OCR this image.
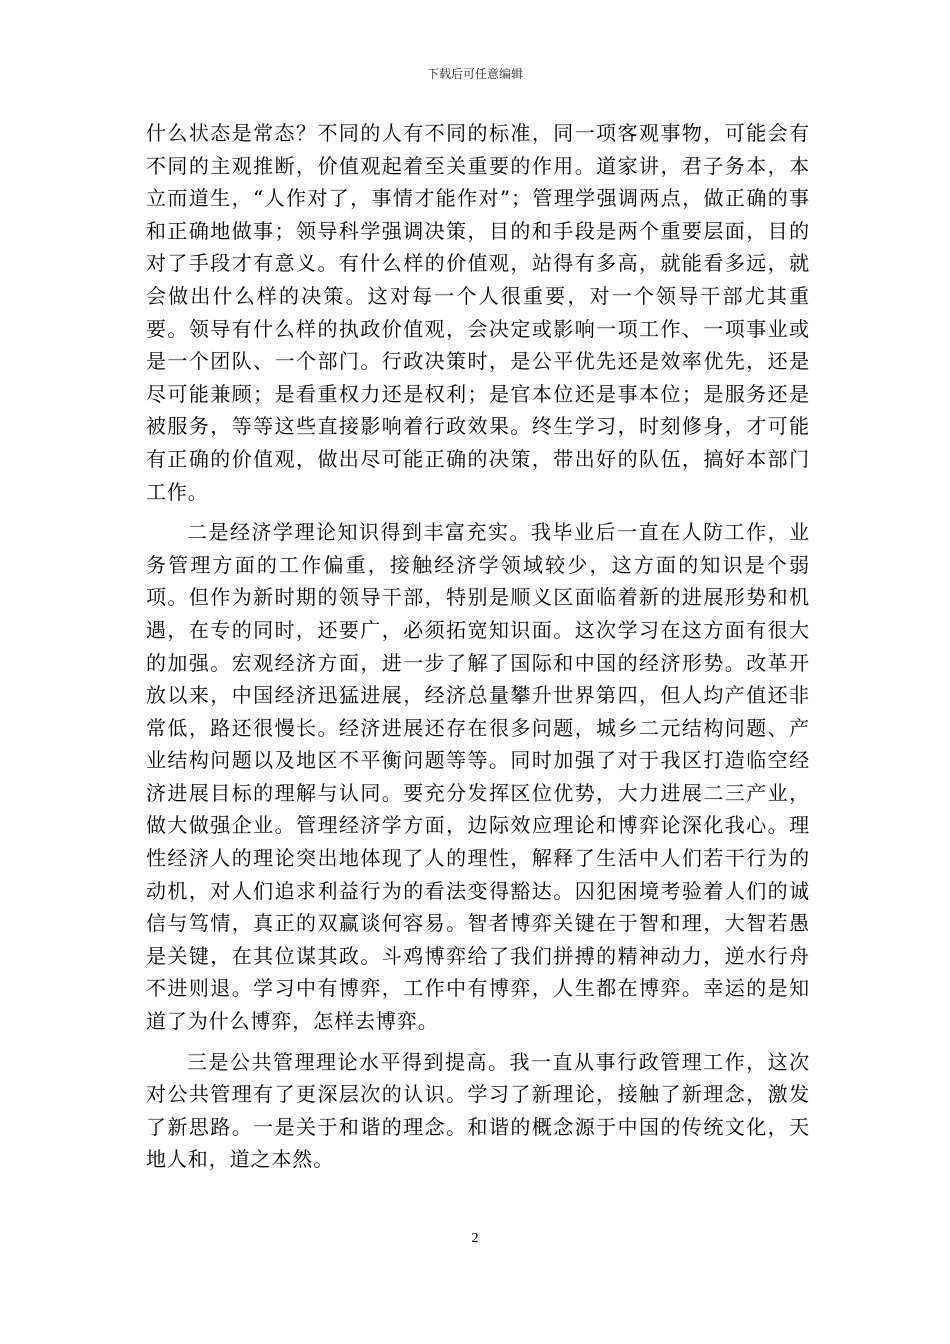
下载后可任意编辑

什么状态是常态？不同的人有不同的标准，同一项客观事物，可能会有不同的主观推断，价值观起着至关重要的作用。道家讲，君子务本，本立而道生，“人作对了，事情才能作对”；管理学强调两点，做正确的事和正确地做事；领导科学强调决策，目的和手段是两个重要层面，目的对了手段才有意义。有什么样的价值观，站得有多高，就能看多远，就会做出什么样的决策。这对每一个人很重要，对一个领导干部尤其重要。领导有什么样的执政价值观，会决定或影响一项工作、一项事业或是一个团队、一个部门。行政决策时，是公平优先还是效率优先，还是尽可能兼顾；是看重权力还是权利；是官本位还是事本位；是服务还是被服务，等等这些直接影响着行政效果。终生学习，时刻修身，才可能有正确的价值观，做出尽可能正确的决策，带出好的队伍，搞好本部门工作。

二是经济学理论知识得到丰富充实。我毕业后一直在人防工作，业务管理方面的工作偏重，接触经济学领域较少，这方面的知识是个弱项。但作为新时期的领导干部，特别是顺义区面临着新的进展形势和机遇，在专的同时，还要广，必须拓宽知识面。这次学习在这方面有很大的加强。宏观经济方面，进一步了解了国际和中国的经济形势。改革开放以来，中国经济迅猛进展，经济总量攀升世界第四，但人均产值还非常低，路还很慢长。经济进展还存在很多问题，城乡二元结构问题、产业结构问题以及地区不平衡问题等等。同时加强了对于我区打造临空经济进展目标的理解与认同。要充分发挥区位优势，大力进展二三产业，做大做强企业。管理经济学方面，边际效应理论和博弈论深化我心。理性经济人的理论突出地体现了人的理性，解释了生活中人们若干行为的动机，对人们追求利益行为的看法变得豁达。囚犯困境考验着人们的诚信与笃情，真正的双赢谈何容易。智者博弈关键在于智和理，大智若愚是关键，在其位谋其政。斗鸡博弈给了我们拼搏的精神动力，逆水行舟不进则退。学习中有博弈，工作中有博弈，人生都在博弈。幸运的是知道了为什么博弈，怎样去博弈。

三是公共管理理论水平得到提高。我一直从事行政管理工作，这次对公共管理有了更深层次的认识。学习了新理论，接触了新理念，激发了新思路。一是关于和谐的理念。和谐的概念源于中国的传统文化，天地人和，道之本然。

2
